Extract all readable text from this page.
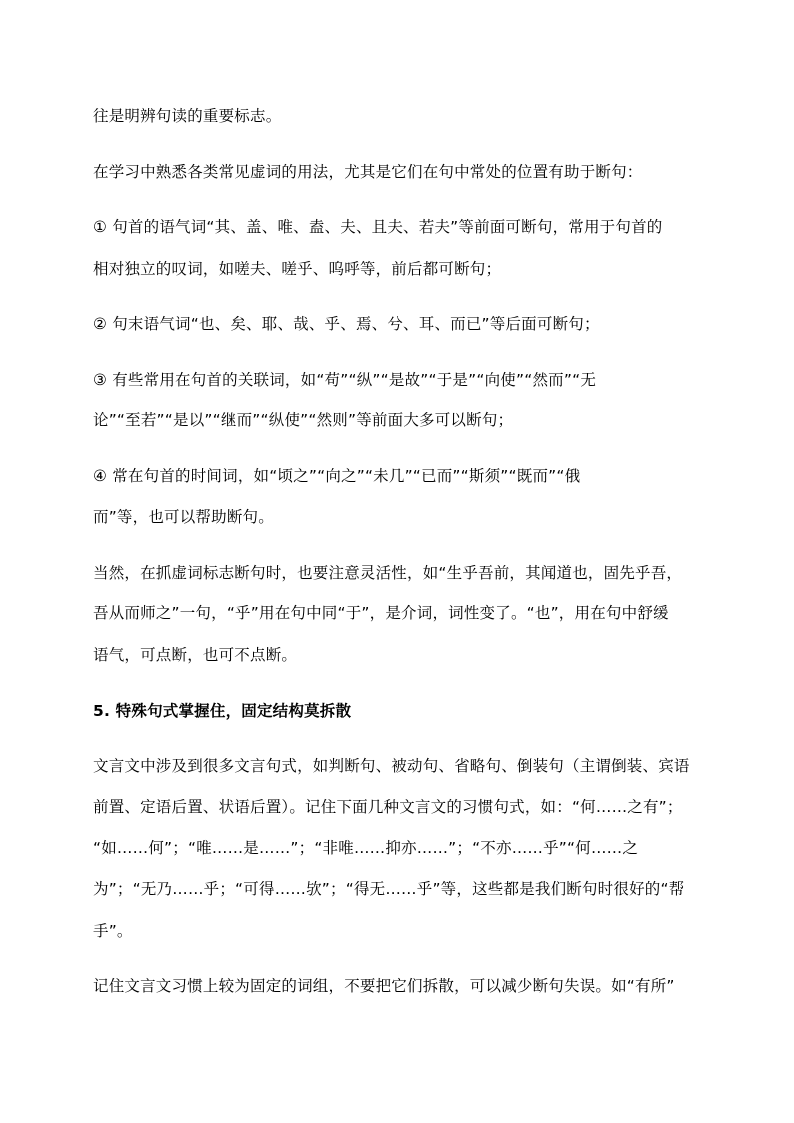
往是明辨句读的重要标志。
在学习中熟悉各类常见虚词的用法，尤其是它们在句中常处的位置有助于断句：
① 句首的语气词“其、盖、唯、盍、夫、且夫、若夫”等前面可断句，常用于句首的
相对独立的叹词，如嗟夫、嗟乎、呜呼等，前后都可断句；
② 句末语气词“也、矣、耶、哉、乎、焉、兮、耳、而已”等后面可断句；
③ 有些常用在句首的关联词，如“苟”“纵”“是故”“于是”“向使”“然而”“无
论”“至若”“是以”“继而”“纵使”“然则”等前面大多可以断句；
④ 常在句首的时间词，如“顷之”“向之”“未几”“已而”“斯须”“既而”“俄
而”等，也可以帮助断句。
当然，在抓虚词标志断句时，也要注意灵活性，如“生乎吾前，其闻道也，固先乎吾，
吾从而师之”一句，“乎”用在句中同“于”，是介词，词性变了。“也”，用在句中舒缓
语气，可点断，也可不点断。
5. 特殊句式掌握住，固定结构莫拆散
文言文中涉及到很多文言句式，如判断句、被动句、省略句、倒装句（主谓倒装、宾语
前置、定语后置、状语后置）。记住下面几种文言文的习惯句式，如：“何……之有”；
“如……何”；“唯……是……”；“非唯……抑亦……”；“不亦……乎”“何……之
为”；“无乃……乎；“可得……欤”；“得无……乎”等，这些都是我们断句时很好的“帮
手”。
记住文言文习惯上较为固定的词组，不要把它们拆散，可以减少断句失误。如“有所”
